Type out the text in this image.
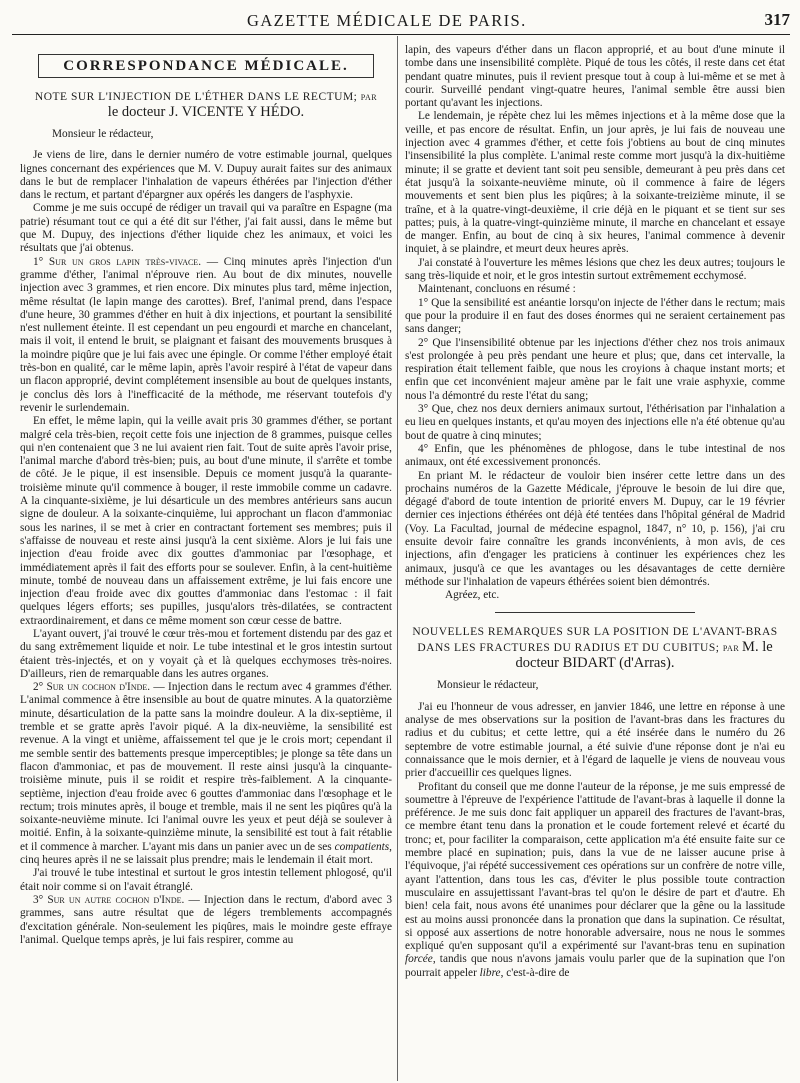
GAZETTE MÉDICALE DE PARIS.	317
CORRESPONDANCE MÉDICALE.
NOTE SUR L'INJECTION DE L'ÉTHER DANS LE RECTUM; par
le docteur J. VICENTE Y HÉDO.

Monsieur le rédacteur,

Je viens de lire, dans le dernier numéro de votre estimable journal, quelques lignes concernant des expériences que M. V. Dupuy aurait faites sur des animaux dans le but de remplacer l'inhalation de vapeurs éthérées par l'injection d'éther dans le rectum, et partant d'épargner aux opérés les dangers de l'asphyxie.

Comme je me suis occupé de rédiger un travail qui va paraître en Espagne (ma patrie) résumant tout ce qui a été dit sur l'éther, j'ai fait aussi, dans le même but que M. Dupuy, des injections d'éther liquide chez les animaux, et voici les résultats que j'ai obtenus.

1° Sur un gros lapin très-vivace. — Cinq minutes après l'injection d'un gramme d'éther, l'animal n'éprouve rien. Au bout de dix minutes, nouvelle injection avec 3 grammes, et rien encore. Dix minutes plus tard, même injection, même résultat (le lapin mange des carottes). Bref, l'animal prend, dans l'espace d'une heure, 30 grammes d'éther en huit à dix injections, et pourtant la sensibilité n'est nullement éteinte. Il est cependant un peu engourdi et marche en chancelant, mais il voit, il entend le bruit, se plaignant et faisant des mouvements brusques à la moindre piqûre que je lui fais avec une épingle. Or comme l'éther employé était très-bon en qualité, car le même lapin, après l'avoir respiré à l'état de vapeur dans un flacon approprié, devint complétement insensible au bout de quelques instants, je conclus dès lors à l'inefficacité de la méthode, me réservant toutefois d'y revenir le surlendemain.

En effet, le même lapin, qui la veille avait pris 30 grammes d'éther, se portant malgré cela très-bien, reçoit cette fois une injection de 8 grammes, puisque celles qui n'en contenaient que 3 ne lui avaient rien fait. Tout de suite après l'avoir prise, l'animal marche d'abord très-bien; puis, au bout d'une minute, il s'arrête et tombe de côté. Je le pique, il est insensible. Depuis ce moment jusqu'à la quarante-troisième minute qu'il commence à bouger, il reste immobile comme un cadavre. A la cinquante-sixième, je lui désarticule un des membres antérieurs sans aucun signe de douleur. A la soixante-cinquième, lui approchant un flacon d'ammoniac sous les narines, il se met à crier en contractant fortement ses membres; puis il s'affaisse de nouveau et reste ainsi jusqu'à la cent sixième. Alors je lui fais une injection d'eau froide avec dix gouttes d'ammoniac par l'œsophage, et immédiatement après il fait des efforts pour se soulever. Enfin, à la cent-huitième minute, tombé de nouveau dans un affaissement extrême, je lui fais encore une injection d'eau froide avec dix gouttes d'ammoniac dans l'estomac : il fait quelques légers efforts; ses pupilles, jusqu'alors très-dilatées, se contractent extraordinairement, et dans ce même moment son cœur cesse de battre.

L'ayant ouvert, j'ai trouvé le cœur très-mou et fortement distendu par des gaz et du sang extrêmement liquide et noir. Le tube intestinal et le gros intestin surtout étaient très-injectés, et on y voyait çà et là quelques ecchymoses très-noires. D'ailleurs, rien de remarquable dans les autres organes.

2° Sur un cochon d'Inde. — Injection dans le rectum avec 4 grammes d'éther. L'animal commence à être insensible au bout de quatre minutes. A la quatorzième minute, désarticulation de la patte sans la moindre douleur. A la dix-septième, il tremble et se gratte après l'avoir piqué. A la dix-neuvième, la sensibilité est revenue. A la vingt et unième, affaissement tel que je le crois mort; cependant il me semble sentir des battements presque imperceptibles; je plonge sa tête dans un flacon d'ammoniac, et pas de mouvement. Il reste ainsi jusqu'à la cinquante-troisième minute, puis il se roidit et respire très-faiblement. A la cinquante-septième, injection d'eau froide avec 6 gouttes d'ammoniac dans l'œsophage et le rectum; trois minutes après, il bouge et tremble, mais il ne sent les piqûres qu'à la soixante-neuvième minute. Ici l'animal ouvre les yeux et peut déjà se soulever à moitié. Enfin, à la soixante-quinzième minute, la sensibilité est tout à fait rétablie et il commence à marcher. L'ayant mis dans un panier avec un de ses compatients, cinq heures après il ne se laissait plus prendre; mais le lendemain il était mort.

J'ai trouvé le tube intestinal et surtout le gros intestin tellement phlogosé, qu'il était noir comme si on l'avait étranglé.

3° Sur un autre cochon d'Inde. — Injection dans le rectum, d'abord avec 3 grammes, sans autre résultat que de légers tremblements accompagnés d'excitation générale. Non-seulement les piqûres, mais le moindre geste effraye l'animal. Quelque temps après, je lui fais respirer, comme au

lapin, des vapeurs d'éther dans un flacon approprié, et au bout d'une minute il tombe dans une insensibilité complète. Piqué de tous les côtés, il reste dans cet état pendant quatre minutes, puis il revient presque tout à coup à lui-même et se met à courir. Surveillé pendant vingt-quatre heures, l'animal semble être aussi bien portant qu'avant les injections.

Le lendemain, je répète chez lui les mêmes injections et à la même dose que la veille, et pas encore de résultat. Enfin, un jour après, je lui fais de nouveau une injection avec 4 grammes d'éther, et cette fois j'obtiens au bout de cinq minutes l'insensibilité la plus complète. L'animal reste comme mort jusqu'à la dix-huitième minute; il se gratte et devient tant soit peu sensible, demeurant à peu près dans cet état jusqu'à la soixante-neuvième minute, où il commence à faire de légers mouvements et sent bien plus les piqûres; à la soixante-treizième minute, il se traîne, et à la quatre-vingt-deuxième, il crie déjà en le piquant et se tient sur ses pattes; puis, à la quatre-vingt-quinzième minute, il marche en chancelant et essaye de manger. Enfin, au bout de cinq à six heures, l'animal commence à devenir inquiet, à se plaindre, et meurt deux heures après.

J'ai constaté à l'ouverture les mêmes lésions que chez les deux autres; toujours le sang très-liquide et noir, et le gros intestin surtout extrêmement ecchymosé.

Maintenant, concluons en résumé :

1° Que la sensibilité est anéantie lorsqu'on injecte de l'éther dans le rectum; mais que pour la produire il en faut des doses énormes qui ne seraient certainement pas sans danger;

2° Que l'insensibilité obtenue par les injections d'éther chez nos trois animaux s'est prolongée à peu près pendant une heure et plus; que, dans cet intervalle, la respiration était tellement faible, que nous les croyions à chaque instant morts; et enfin que cet inconvénient majeur amène par le fait une vraie asphyxie, comme nous l'a démontré du reste l'état du sang;

3° Que, chez nos deux derniers animaux surtout, l'éthérisation par l'inhalation a eu lieu en quelques instants, et qu'au moyen des injections elle n'a été obtenue qu'au bout de quatre à cinq minutes;

4° Enfin, que les phénomènes de phlogose, dans le tube intestinal de nos animaux, ont été excessivement prononcés.

En priant M. le rédacteur de vouloir bien insérer cette lettre dans un des prochains numéros de la Gazette Médicale, j'éprouve le besoin de lui dire que, dégagé d'abord de toute intention de priorité envers M. Dupuy, car le 19 février dernier ces injections éthérées ont déjà été tentées dans l'hôpital général de Madrid (Voy. La Facultad, journal de médecine espagnol, 1847, n° 10, p. 156), j'ai cru ensuite devoir faire connaître les grands inconvénients, à mon avis, de ces injections, afin d'engager les praticiens à continuer les expériences chez les animaux, jusqu'à ce que les avantages ou les désavantages de cette dernière méthode sur l'inhalation de vapeurs éthérées soient bien démontrés.

Agréez, etc.

NOUVELLES REMARQUES SUR LA POSITION DE L'AVANT-BRAS DANS LES FRACTURES DU RADIUS ET DU CUBITUS; par M. le docteur BIDART (d'Arras).

Monsieur le rédacteur,

J'ai eu l'honneur de vous adresser, en janvier 1846, une lettre en réponse à une analyse de mes observations sur la position de l'avant-bras dans les fractures du radius et du cubitus; et cette lettre, qui a été insérée dans le numéro du 26 septembre de votre estimable journal, a été suivie d'une réponse dont je n'ai eu connaissance que le mois dernier, et à l'égard de laquelle je viens de nouveau vous prier d'accueillir ces quelques lignes.

Profitant du conseil que me donne l'auteur de la réponse, je me suis empressé de soumettre à l'épreuve de l'expérience l'attitude de l'avant-bras à laquelle il donne la préférence. Je me suis donc fait appliquer un appareil des fractures de l'avant-bras, ce membre étant tenu dans la pronation et le coude fortement relevé et écarté du tronc; et, pour faciliter la comparaison, cette application m'a été ensuite faite sur ce membre placé en supination; puis, dans la vue de ne laisser aucune prise à l'équivoque, j'ai répété successivement ces opérations sur un confrère de notre ville, ayant l'attention, dans tous les cas, d'éviter le plus possible toute contraction musculaire en assujettissant l'avant-bras tel qu'on le désire de part et d'autre. Eh bien! cela fait, nous avons été unanimes pour déclarer que la gêne ou la lassitude est au moins aussi prononcée dans la pronation que dans la supination. Ce résultat, si opposé aux assertions de notre honorable adversaire, nous ne nous le sommes expliqué qu'en supposant qu'il a expérimenté sur l'avant-bras tenu en supination forcée, tandis que nous n'avons jamais voulu parler que de la supination que l'on pourrait appeler libre, c'est-à-dire de
